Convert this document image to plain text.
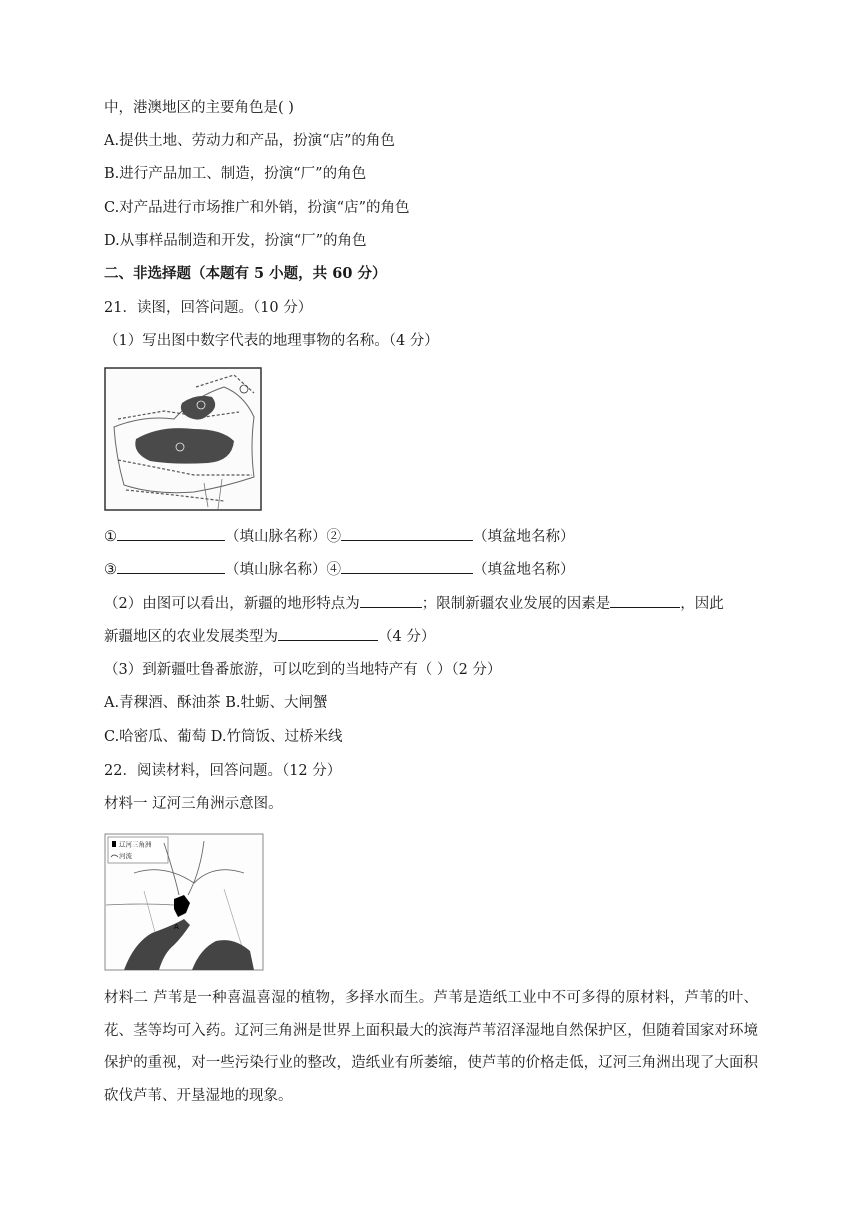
中，港澳地区的主要角色是( )
A.提供土地、劳动力和产品，扮演“店”的角色
B.进行产品加工、制造，扮演“厂”的角色
C.对产品进行市场推广和外销，扮演“店”的角色
D.从事样品制造和开发，扮演“厂”的角色
二、非选择题（本题有 5 小题，共 60 分）
21．读图，回答问题。（10 分）
（1）写出图中数字代表的地理事物的名称。（4 分）
①	（填山脉名称）②	（填盆地名称）
③	（填山脉名称）④	（填盆地名称）
（2）由图可以看出，新疆的地形特点为	；限制新疆农业发展的因素是	，因此
新疆地区的农业发展类型为	（4 分）
（3）到新疆吐鲁番旅游，可以吃到的当地特产有（ ）（2 分）
A.青稞酒、酥油茶 B.牡蛎、大闸蟹
C.哈密瓜、葡萄 D.竹筒饭、过桥米线
22．阅读材料，回答问题。（12 分）
材料一 辽河三角洲示意图。
辽河三角洲
河流
A
材料二 芦苇是一种喜温喜湿的植物，多择水而生。芦苇是造纸工业中不可多得的原材料，芦苇的叶、花、茎等均可入药。辽河三角洲是世界上面积最大的滨海芦苇沼泽湿地自然保护区，但随着国家对环境保护的重视，对一些污染行业的整改，造纸业有所萎缩，使芦苇的价格走低，辽河三角洲出现了大面积砍伐芦苇、开垦湿地的现象。
